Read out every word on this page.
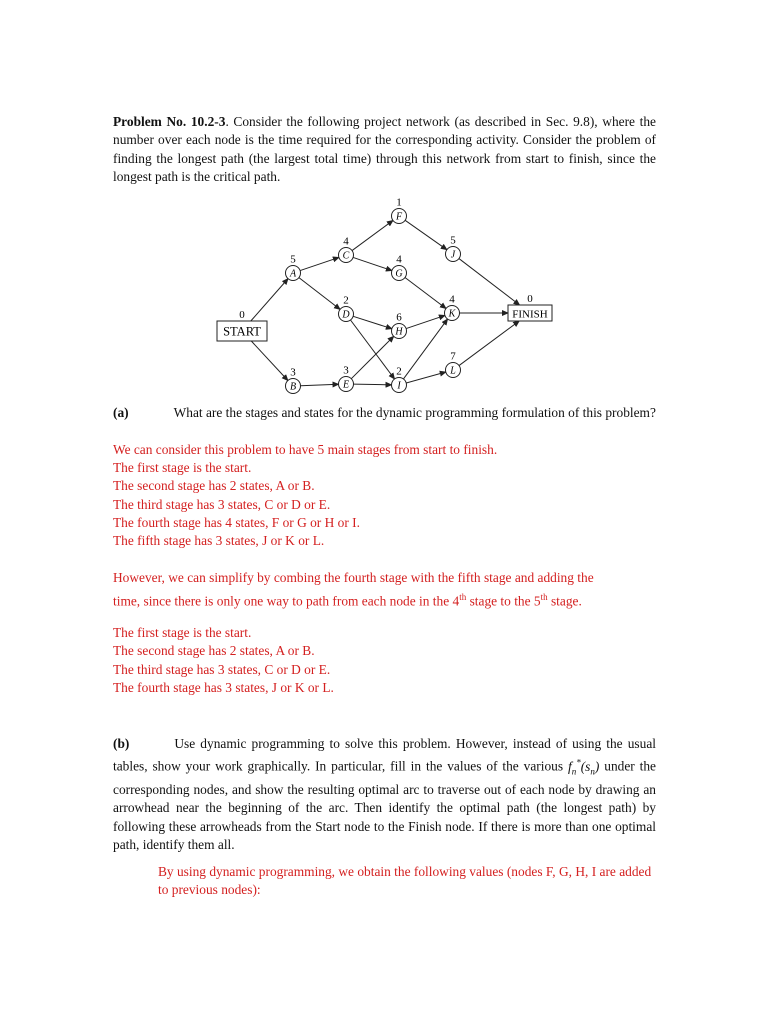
Problem No. 10.2-3. Consider the following project network (as described in Sec. 9.8), where the number over each node is the time required for the corresponding activity. Consider the problem of finding the longest path (the largest total time) through this network from start to finish, since the longest path is the critical path.
F
1
C
4
J
5
A
5
G
4
D
2
H
6	K
4
FINISH
0
START
0
B
3
E
3
I
2	L
7
(a)	What are the stages and states for the dynamic programming formulation of this problem?
We can consider this problem to have 5 main stages from start to finish.
The first stage is the start.
The second stage has 2 states, A or B.
The third stage has 3 states, C or D or E.
The fourth stage has 4 states, F or G or H or I.
The fifth stage has 3 states, J or K or L.
However, we can simplify by combing the fourth stage with the fifth stage and adding the
time, since there is only one way to path from each node in the 4th stage to the 5th stage.
The first stage is the start.
The second stage has 2 states, A or B.
The third stage has 3 states, C or D or E.
The fourth stage has 3 states, J or K or L.
(b)	Use dynamic programming to solve this problem. However, instead of using the usual tables, show your work graphically. In particular, fill in the values of the various $f_n^*(s_n)$ under the corresponding nodes, and show the resulting optimal arc to traverse out of each node by drawing an arrowhead near the beginning of the arc. Then identify the optimal path (the longest path) by following these arrowheads from the Start node to the Finish node. If there is more than one optimal path, identify them all.
By using dynamic programming, we obtain the following values (nodes F, G, H, I are added to previous nodes):
